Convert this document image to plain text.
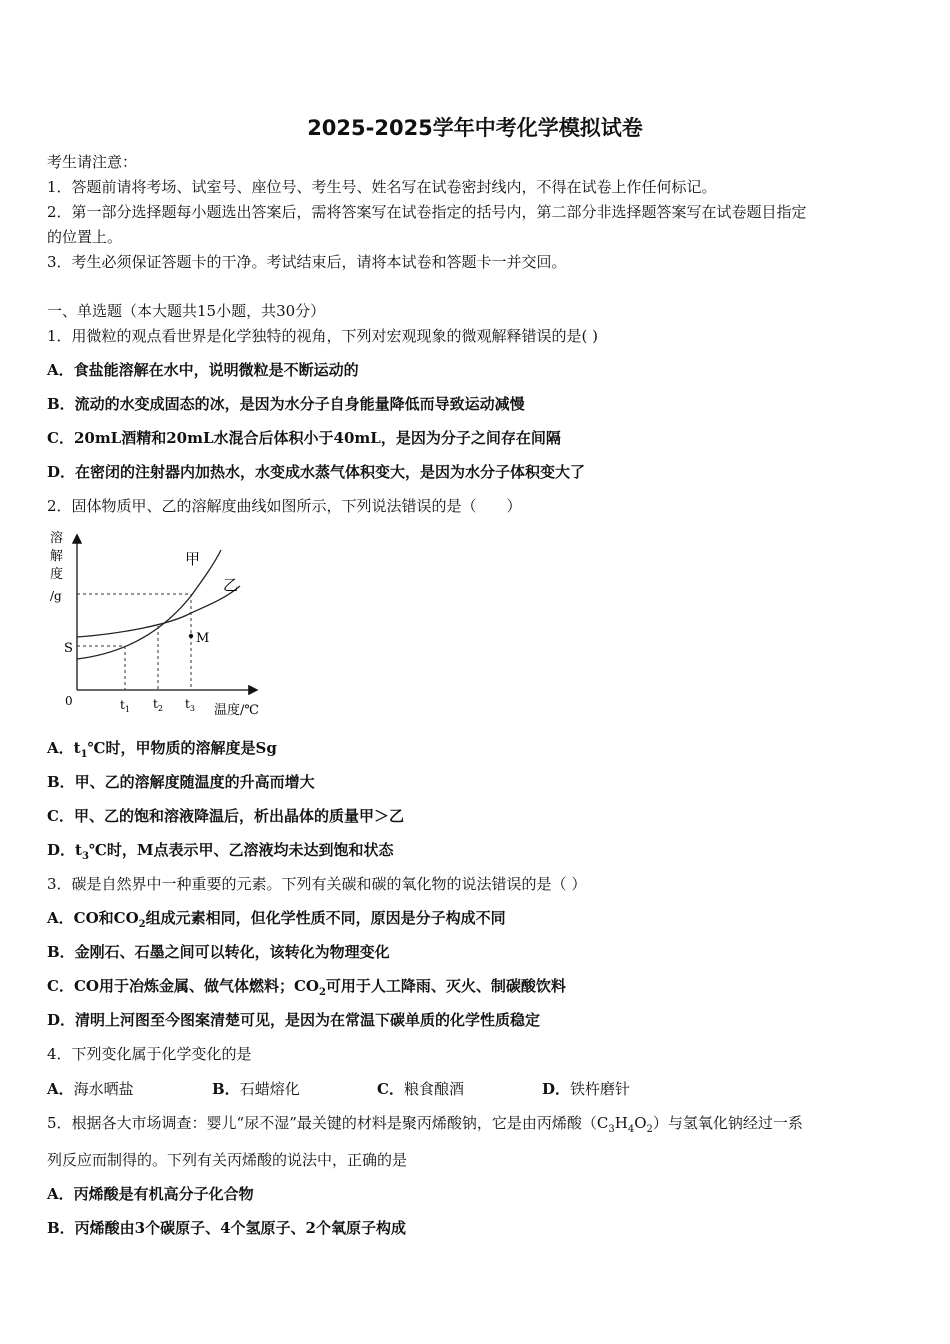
2025-2025学年中考化学模拟试卷
考生请注意：
1．答题前请将考场、试室号、座位号、考生号、姓名写在试卷密封线内，不得在试卷上作任何标记。
2．第一部分选择题每小题选出答案后，需将答案写在试卷指定的括号内，第二部分非选择题答案写在试卷题目指定
的位置上。
3．考生必须保证答题卡的干净。考试结束后，请将本试卷和答题卡一并交回。
一、单选题（本大题共15小题，共30分）
1．用微粒的观点看世界是化学独特的视角，下列对宏观现象的微观解释错误的是( )
A．食盐能溶解在水中，说明微粒是不断运动的
B．流动的水变成固态的冰，是因为水分子自身能量降低而导致运动减慢
C．20mL酒精和20mL水混合后体积小于40mL，是因为分子之间存在间隔
D．在密闭的注射器内加热水，水变成水蒸气体积变大，是因为水分子体积变大了
2．固体物质甲、乙的溶解度曲线如图所示，下列说法错误的是（　　）
溶
解
度
/g
M
甲
乙
S
0	$t_1$ $t_2$ $t_3$ 温度/℃
A．$t_1℃$时，甲物质的溶解度是Sg
B．甲、乙的溶解度随温度的升高而增大
C．甲、乙的饱和溶液降温后，析出晶体的质量甲＞乙
D．$t_3℃$时，M点表示甲、乙溶液均未达到饱和状态
3．碳是自然界中一种重要的元素。下列有关碳和碳的氧化物的说法错误的是（ ）
A．CO和$CO_2$组成元素相同，但化学性质不同，原因是分子构成不同
B．金刚石、石墨之间可以转化，该转化为物理变化
C．CO用于冶炼金属、做气体燃料；$CO_2$可用于人工降雨、灭火、制碳酸饮料
D．清明上河图至今图案清楚可见，是因为在常温下碳单质的化学性质稳定
4．下列变化属于化学变化的是
A．海水晒盐	B．石蜡熔化	C．粮食酿酒	D．铁杵磨针
5．根据各大市场调查：婴儿“尿不湿”最关键的材料是聚丙烯酸钠，它是由丙烯酸$(C_3H_4O_2)$与氢氧化钠经过一系
列反应而制得的。下列有关丙烯酸的说法中，正确的是
A．丙烯酸是有机高分子化合物
B．丙烯酸由3个碳原子、4个氢原子、2个氧原子构成
